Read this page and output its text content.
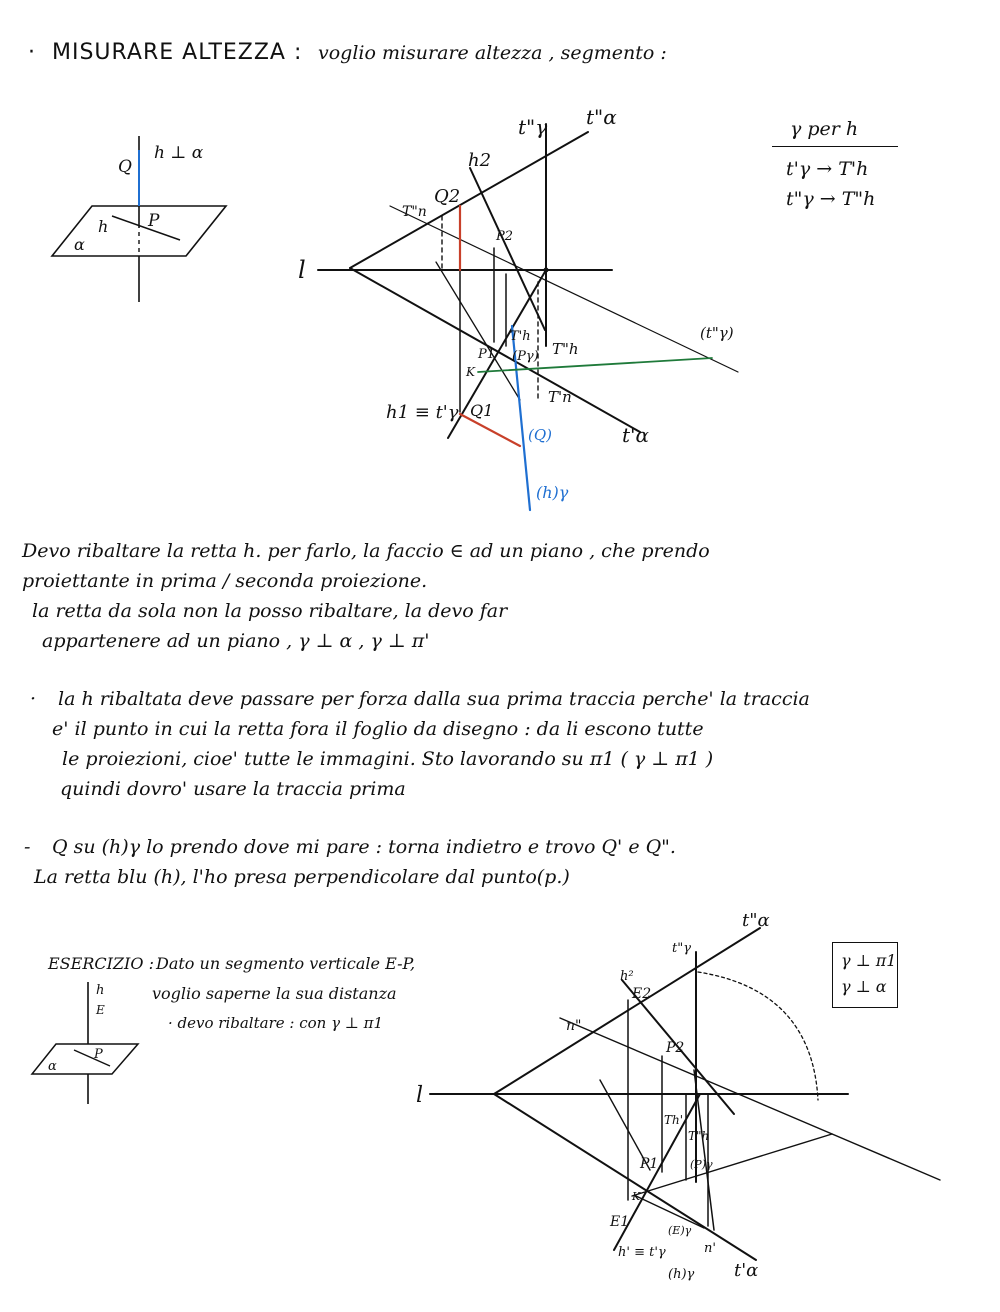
· MISURARE ALTEZZA : voglio misurare altezza , segmento :
γ per h
t'γ → T'h
t"γ → T"h
Q
h ⊥ α
h P
α
t"γ t"α
h2
T"n
Q2
P2
l
(t"γ)
T'h
(Pγ) T"h
P1
K
T'n
h1 ≡ t'γ Q1
(Q)	t'α
(h)γ
h
E
P
α
t"α
t"γ
h²
E2
n"
P2
l
Th'
T"h
P1	(P)γ
K
E1
(E)γ
n'
h' ≡ t'γ
(h)γ t'α
Devo ribaltare la retta h. per farlo, la faccio ∈ ad un piano , che prendo
proiettante in prima / seconda proiezione.
la retta da sola non la posso ribaltare, la devo far
appartenere ad un piano , γ ⊥ α , γ ⊥ π'
· la h ribaltata deve passare per forza dalla sua prima traccia perche' la traccia
e' il punto in cui la retta fora il foglio da disegno : da li escono tutte
le proiezioni, cioe' tutte le immagini. Sto lavorando su π1 ( γ ⊥ π1 )
quindi dovro' usare la traccia prima
- Q su (h)γ lo prendo dove mi pare : torna indietro e trovo Q' e Q".
La retta blu (h), l'ho presa perpendicolare dal punto(p.)
ESERCIZIO : Dato un segmento verticale E-P,
voglio saperne la sua distanza
· devo ribaltare : con γ ⊥ π1
γ ⊥ π1
γ ⊥ α
